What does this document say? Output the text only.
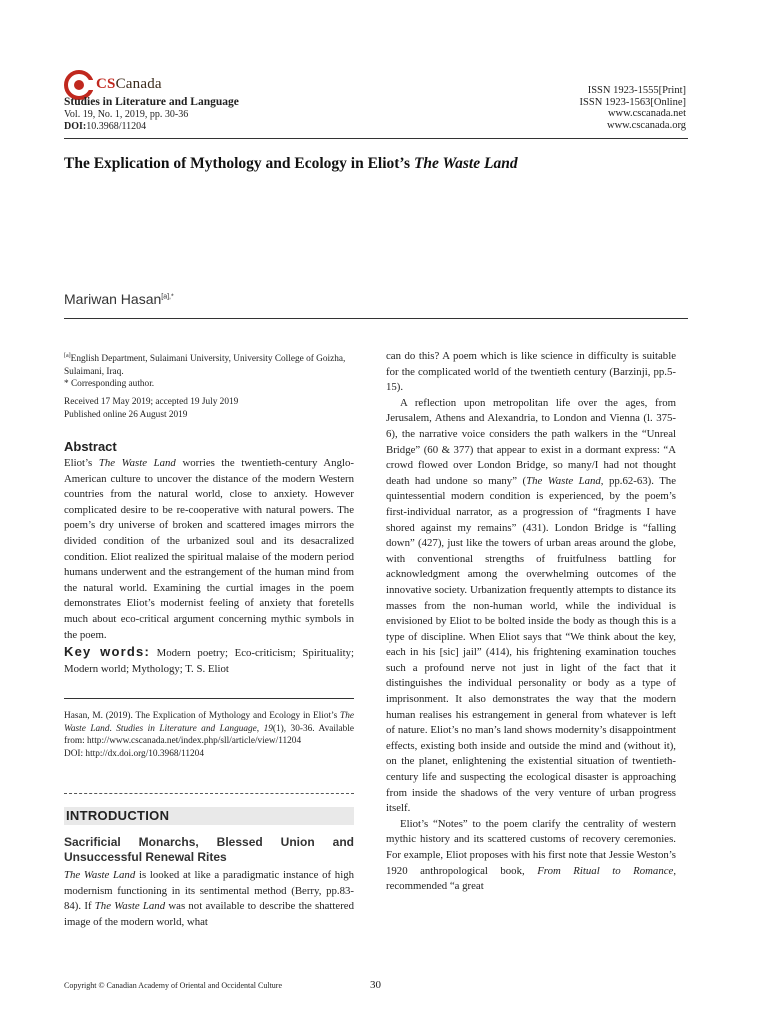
CSCanada
Studies in Literature and Language
Vol. 19, No. 1, 2019, pp. 30-36
DOI:10.3968/11204
ISSN 1923-1555[Print]
ISSN 1923-1563[Online]
www.cscanada.net
www.cscanada.org
The Explication of Mythology and Ecology in Eliot’s The Waste Land
Mariwan Hasan$^{[a],*}$
[a]English Department, Sulaimani University, University College of Goizha, Sulaimani, Iraq.
* Corresponding author.
Received 17 May 2019; accepted 19 July 2019
Published online 26 August 2019
Abstract

Eliot’s The Waste Land worries the twentieth-century Anglo-American culture to uncover the distance of the modern Western countries from the natural world, close to anxiety. However complicated desire to be re-cooperative with natural powers. The poem’s dry universe of broken and scattered images mirrors the divided condition of the urbanized soul and its desacralized condition. Eliot realized the spiritual malaise of the modern period humans underwent and the estrangement of the human mind from the natural world. Examining the curtial images in the poem demonstrates Eliot’s modernist feeling of anxiety that foretells much about eco-critical argument concerning mythic symbols in the poem.

Key words: Modern poetry; Eco-criticism; Spirituality; Modern world; Mythology; T. S. Eliot

Hasan, M. (2019). The Explication of Mythology and Ecology in Eliot’s The Waste Land. Studies in Literature and Language, 19(1), 30-36. Available from: http://www.cscanada.net/index.php/sll/article/view/11204
DOI: http://dx.doi.org/10.3968/11204
INTRODUCTION
Sacrificial Monarchs, Blessed Union and Unsuccessful Renewal Rites

The Waste Land is looked at like a paradigmatic instance of high modernism functioning in its sentimental method (Berry, pp.83-84). If The Waste Land was not available to describe the shattered image of the modern world, what

can do this? A poem which is like science in difficulty is suitable for the complicated world of the twentieth century (Barzinji, pp.5-15).

A reflection upon metropolitan life over the ages, from Jerusalem, Athens and Alexandria, to London and Vienna (l. 375-6), the narrative voice considers the path walkers in the “Unreal Bridge” (60 & 377) that appear to exist in a dormant express: “A crowd flowed over London Bridge, so many/I had not thought death had undone so many” (The Waste Land, pp.62-63). The quintessential modern condition is experienced, by the poem’s first-individual narrator, as a progression of “fragments I have shored against my remains” (431). London Bridge is “falling down” (427), just like the towers of urban areas around the globe, with conventional strengths of fruitfulness battling for acknowledgment among the overwhelming outcomes of the innovative society. Urbanization frequently attempts to distance its masses from the non-human world, while the individual is envisioned by Eliot to be bolted inside the body as though this is a type of discipline. When Eliot says that “We think about the key, each in his [sic] jail” (414), his frightening examination touches such a profound nerve not just in light of the fact that it distinguishes the individual personality or body as a type of imprisonment. It also demonstrates the way that the modern human realises his estrangement in general from whatever is left of nature. Eliot’s no man’s land shows modernity’s disappointment effects, existing both inside and outside the mind and (without it), on the planet, enlightening the existential situation of twentieth-century life and suspecting the ecological disaster is approaching from inside the shadows of the very venture of urban progress itself.

Eliot’s “Notes” to the poem clarify the centrality of western mythic history and its scattered customs of recovery ceremonies. For example, Eliot proposes with his first note that Jessie Weston’s 1920 anthropological book, From Ritual to Romance, recommended “a great

Copyright © Canadian Academy of Oriental and Occidental Culture	30
